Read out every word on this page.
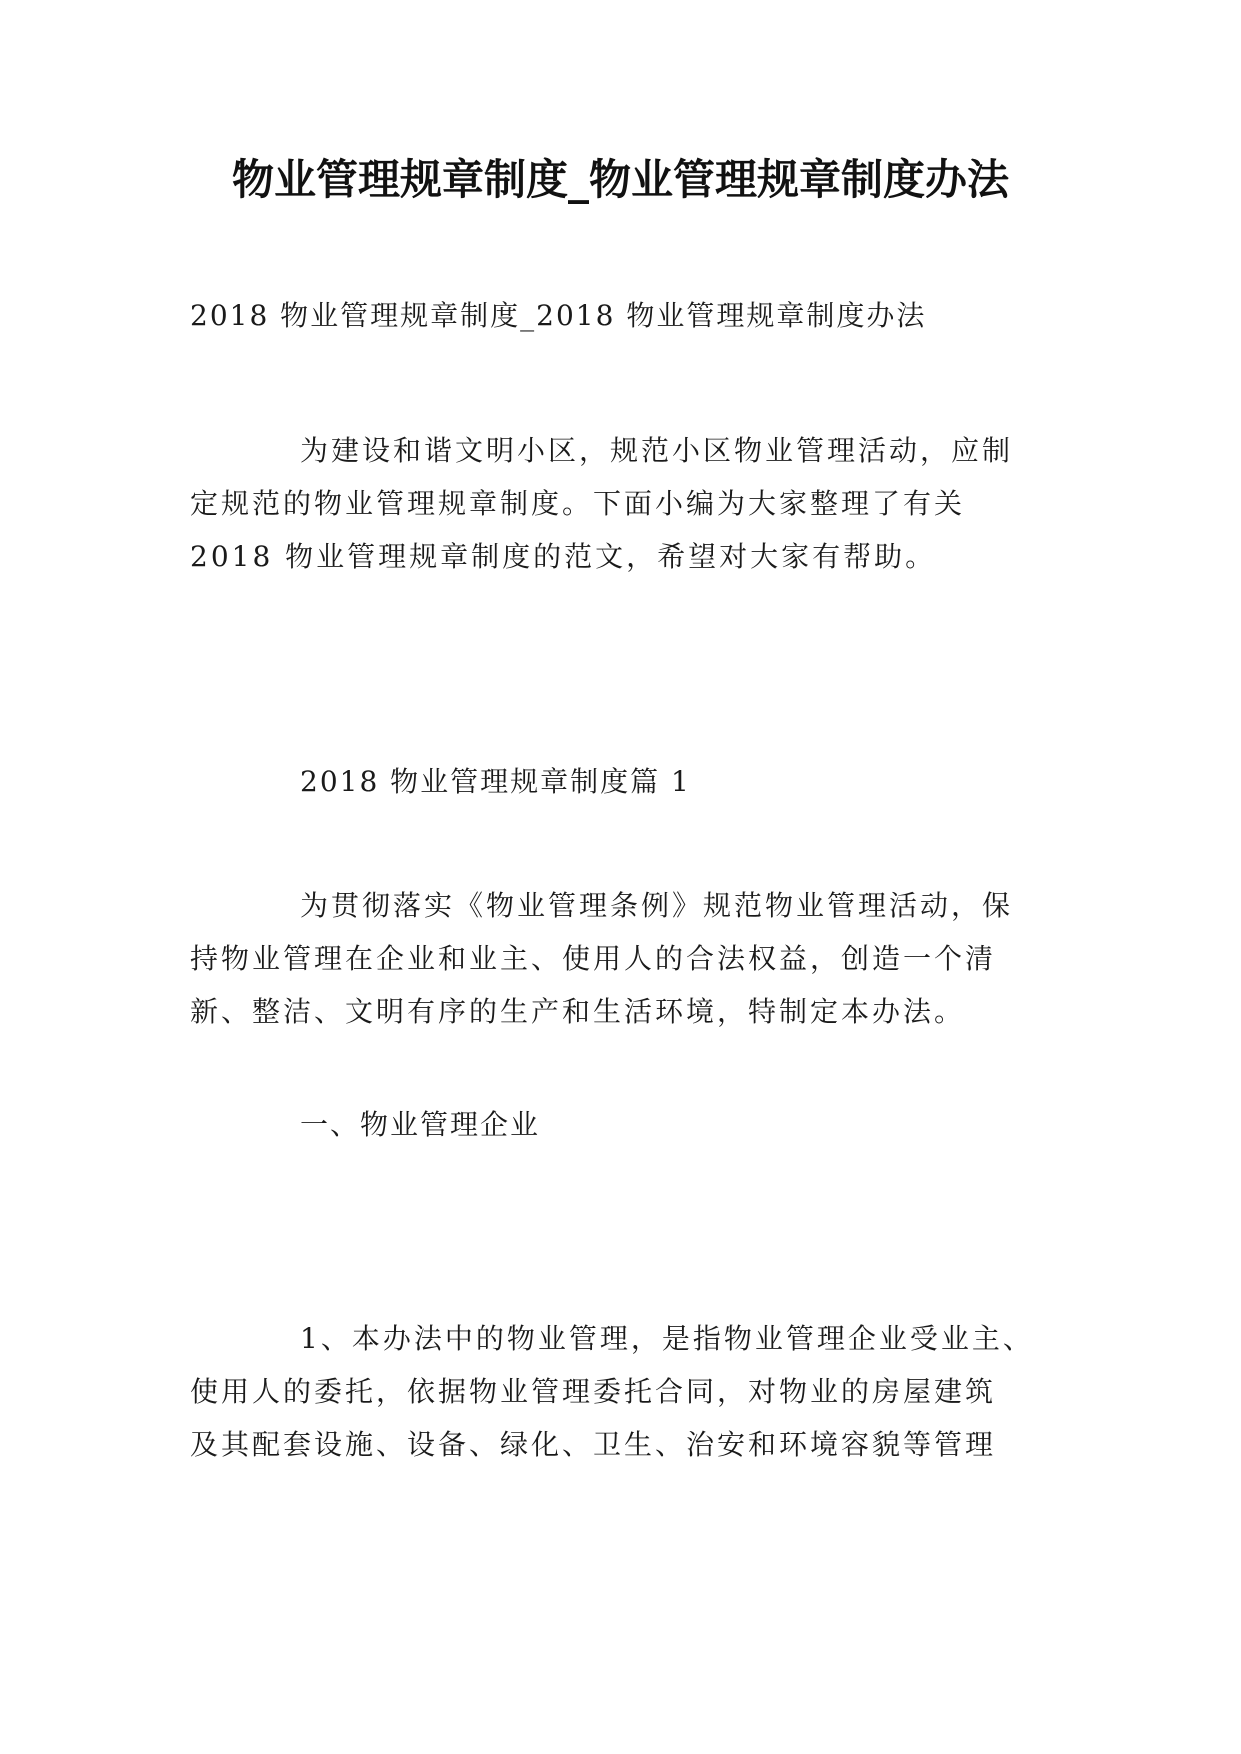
物业管理规章制度_物业管理规章制度办法
2018 物业管理规章制度_2018 物业管理规章制度办法
为建设和谐文明小区，规范小区物业管理活动，应制
定规范的物业管理规章制度。下面小编为大家整理了有关
2018 物业管理规章制度的范文，希望对大家有帮助。
2018 物业管理规章制度篇 1
为贯彻落实《物业管理条例》规范物业管理活动，保
持物业管理在企业和业主、使用人的合法权益，创造一个清
新、整洁、文明有序的生产和生活环境，特制定本办法。
一、物业管理企业
1、本办法中的物业管理，是指物业管理企业受业主、
使用人的委托，依据物业管理委托合同，对物业的房屋建筑
及其配套设施、设备、绿化、卫生、治安和环境容貌等管理
